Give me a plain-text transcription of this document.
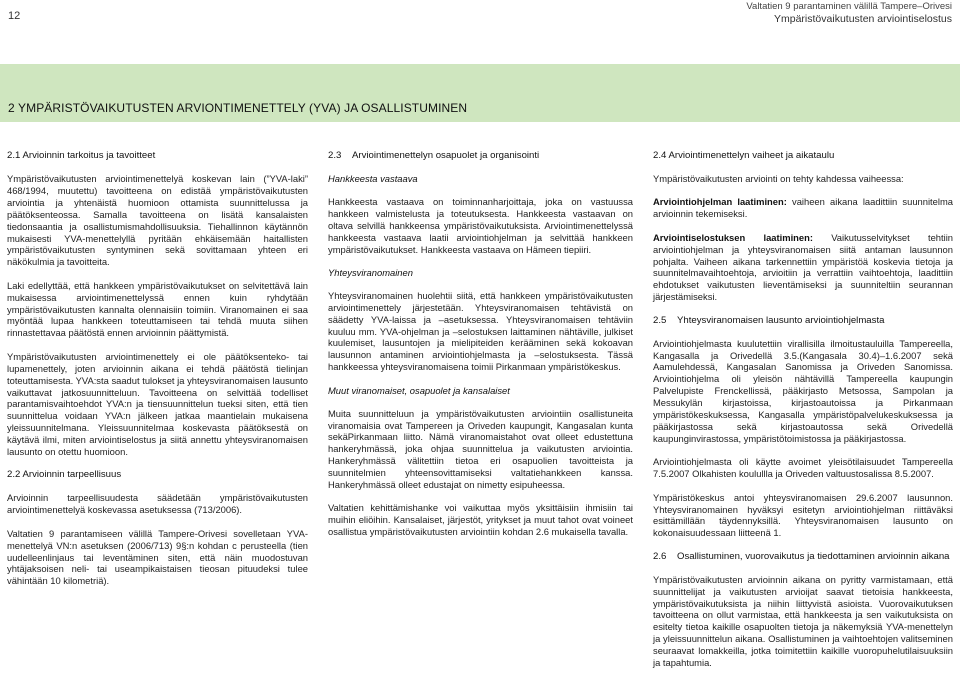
12
Valtatien 9 parantaminen välillä Tampere–Orivesi
Ympäristövaikutusten arviointiselostus
2 YMPÄRISTÖVAIKUTUSTEN ARVIONTIMENETTELY (YVA) JA OSALLISTUMINEN
2.1 Arvioinnin tarkoitus ja tavoitteet

Ympäristövaikutusten arviointimenettelyä koskevan lain (”YVA-laki” 468/1994, muutettu) tavoitteena on edistää ympäristövaikutusten arviointia ja yhtenäistä huomioon ottamista suunnittelussa ja päätöksenteossa. Samalla tavoitteena on lisätä kansalaisten tiedonsaantia ja osallistumismahdollisuuksia. Tiehallinnon käytännön mukaisesti YVA-menettelyllä pyritään ehkäisemään haitallisten ympäristövaikutusten syntyminen sekä sovittamaan yhteen eri näkökulmia ja tavoitteita.

Laki edellyttää, että hankkeen ympäristövaikutukset on selvitettävä lain mukaisessa arviointimenettelyssä ennen kuin ryhdytään ympäristövaikutusten kannalta olennaisiin toimiin. Viranomainen ei saa myöntää lupaa hankkeen toteuttamiseen tai tehdä muuta siihen rinnastettavaa päätöstä ennen arvioinnin päättymistä.

Ympäristövaikutusten arviointimenettely ei ole päätöksenteko- tai lupamenettely, joten arvioinnin aikana ei tehdä päätöstä tielinjan toteuttamisesta. YVA:sta saadut tulokset ja yhteysviranomaisen lausunto vaikuttavat jatkosuunnitteluun. Tavoitteena on selvittää todelliset parantamisvaihtoehdot YVA:n ja tiensuunnittelun tueksi siten, että tien suunnittelua voidaan YVA:n jälkeen jatkaa maantielain mukaisena yleissuunnitelmana. Yleissuunnitelmaa koskevasta päätöksestä on käytävä ilmi, miten arviointiselostus ja siitä annettu yhteysviranomaisen lausunto on otettu huomioon.

2.2 Arvioinnin tarpeellisuus

Arvioinnin tarpeellisuudesta säädetään ympäristövaikutusten arviointimenettelyä koskevassa asetuksessa (713/2006).

Valtatien 9 parantamiseen välillä Tampere-Orivesi sovelletaan YVA-menettelyä VN:n asetuksen (2006/713) 9§:n kohdan c perusteella (tien uudelleenlinjaus tai leventäminen siten, että näin muodostuvan yhtäjaksoisen neli- tai useampikaistaisen tieosan pituudeksi tulee vähintään 10 kilometriä).

2.3	Arviointimenettelyn osapuolet ja organisointi
Hankkeesta vastaava

Hankkeesta vastaava on toiminnanharjoittaja, joka on vastuussa hankkeen valmistelusta ja toteutuksesta. Hankkeesta vastaavan on oltava selvillä hankkeensa ympäristövaikutuksista. Arviointimenettelyssä hankkeesta vastaava laatii arviointiohjelman ja selvittää hankkeen ympäristövaikutukset. Hankkeesta vastaava on Hämeen tiepiiri.

Yhteysviranomainen

Yhteysviranomainen huolehtii siitä, että hankkeen ympäristövaikutusten arviointimenettely järjestetään. Yhteysviranomaisen tehtävistä on säädetty YVA-laissa ja –asetuksessa. Yhteysviranomaisen tehtäviin kuuluu mm. YVA-ohjelman ja –selostuksen laittaminen nähtäville, julkiset kuulemiset, lausuntojen ja mielipiteiden kerääminen sekä kokoavan lausunnon antaminen arviointiohjelmasta ja –selostuksesta. Tässä hankkeessa yhteysviranomaisena toimii Pirkanmaan ympäristökeskus.

Muut viranomaiset, osapuolet ja kansalaiset

Muita suunnitteluun ja ympäristövaikutusten arviointiin osallistuneita viranomaisia ovat Tampereen ja Oriveden kaupungit, Kangasalan kunta sekäPirkanmaan liitto. Nämä viranomaistahot ovat olleet edustettuna hankeryhmässä, joka ohjaa suunnittelua ja vaikutusten arviointia. Hankeryhmässä välitettiin tietoa eri osapuolien tavoitteista ja suunnitelmien yhteensovittamiseksi valtatiehankkeen kanssa. Hankeryhmässä olleet edustajat on nimetty esipuheessa.

Valtatien kehittämishanke voi vaikuttaa myös yksittäisiin ihmisiin tai muihin eliöihin. Kansalaiset, järjestöt, yritykset ja muut tahot ovat voineet osallistua ympäristövaikutusten arviointiin kohdan 2.6 mukaisella tavalla.

2.4 Arviointimenettelyn vaiheet ja aikataulu

Ympäristövaikutusten arviointi on tehty kahdessa vaiheessa:

Arviointiohjelman laatiminen: vaiheen aikana laadittiin suunnitelma arvioinnin tekemiseksi.

Arviointiselostuksen laatiminen: Vaikutusselvitykset tehtiin arviointiohjelman ja yhteysviranomaisen siitä antaman lausunnon pohjalta. Vaiheen aikana tarkennettiin ympäristöä koskevia tietoja ja suunnitelmavaihtoehtoja, arvioitiin ja verrattiin vaihtoehtoja, laadittiin ehdotukset vaikutusten lieventämiseksi ja suunniteltiin seurannan järjestämiseksi.

2.5	Yhteysviranomaisen lausunto arviointiohjelmasta

Arviointiohjelmasta kuulutettiin virallisilla ilmoitustauluilla Tampereella, Kangasalla ja Orivedellä 3.5.(Kangasala 30.4)–1.6.2007 sekä Aamulehdessä, Kangasalan Sanomissa ja Oriveden Sanomissa. Arviointiohjelma oli yleisön nähtävillä Tampereella kaupungin Palvelupiste Frenckellissä, pääkirjasto Metsossa, Sampolan ja Messukylän kirjastoissa, kirjastoautoissa ja Pirkanmaan ympäristökeskuksessa, Kangasalla ympäristöpalvelukeskuksessa ja pääkirjastossa sekä kirjastoautossa sekä Orivedellä kaupunginvirastossa, ympäristötoimistossa ja pääkirjastossa.

Arviointiohjelmasta oli käytte avoimet yleisötilaisuudet Tampereella 7.5.2007 Olkahisten koulullla ja Oriveden valtuustosalissa 8.5.2007.

Ympäristökeskus antoi yhteysviranomaisen 29.6.2007 lausunnon. Yhteysviranomainen hyväksyi esitetyn arviointiohjelman riittäväksi esittämillään täydennyksillä. Yhteysviranomaisen lausunto on kokonaisuudessaan liitteenä 1.

2.6	Osallistuminen, vuorovaikutus ja tiedottaminen arvioinnin aikana

Ympäristövaikutusten arvioinnin aikana on pyritty varmistamaan, että suunnittelijat ja vaikutusten arvioijat saavat tietoisia hankkeesta, ympäristövaikutuksista ja niihin liittyvistä asioista. Vuorovaikutuksen tavoitteena on ollut varmistaa, että hankkeesta ja sen vaikutuksista on esitelty tietoa kaikille osapuolten tietoja ja näkemyksiä YVA-menettelyn ja yleissuunnittelun aikana. Osallistuminen ja vaihtoehtojen valitseminen seuraavat lomakkeilla, jotka toimitettiin kaikille vuoropuhelutilaisuuksiin ja tapahtumia.
